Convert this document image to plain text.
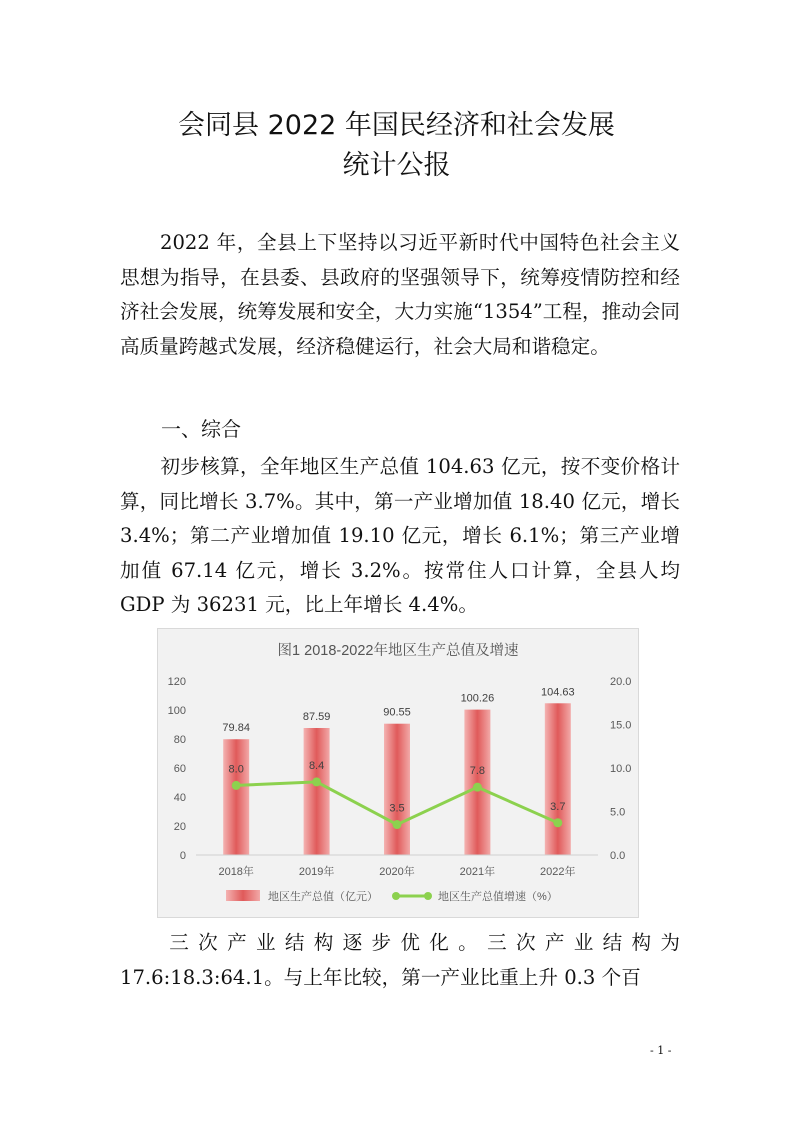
会同县 2022 年国民经济和社会发展
统计公报

2022 年，全县上下坚持以习近平新时代中国特色社会主义思想为指导，在县委、县政府的坚强领导下，统筹疫情防控和经济社会发展，统筹发展和安全，大力实施“1354”工程，推动会同高质量跨越式发展，经济稳健运行，社会大局和谐稳定。

一、综合

初步核算，全年地区生产总值 104.63 亿元，按不变价格计算，同比增长 3.7%。其中，第一产业增加值 18.40 亿元，增长 3.4%；第二产业增加值 19.10 亿元，增长 6.1%；第三产业增加值 67.14 亿元，增长 3.2%。按常住人口计算，全县人均 GDP 为 36231 元，比上年增长 4.4%。

图1 2018-2022年地区生产总值及增速
0
20
40
60
80
100
120
0.0
5.0
10.0
15.0
20.0
79.84
2018年
87.59
2019年
90.55
2020年
100.26
2021年
104.63
2022年
8.0	8.4
3.5
7.8
3.7
地区生产总值（亿元）	地区生产总值增速（%）

三次产业结构逐步优化。三次产业结构为 17.6:18.3:64.1。与上年比较，第一产业比重上升 0.3 个百

- 1 -
